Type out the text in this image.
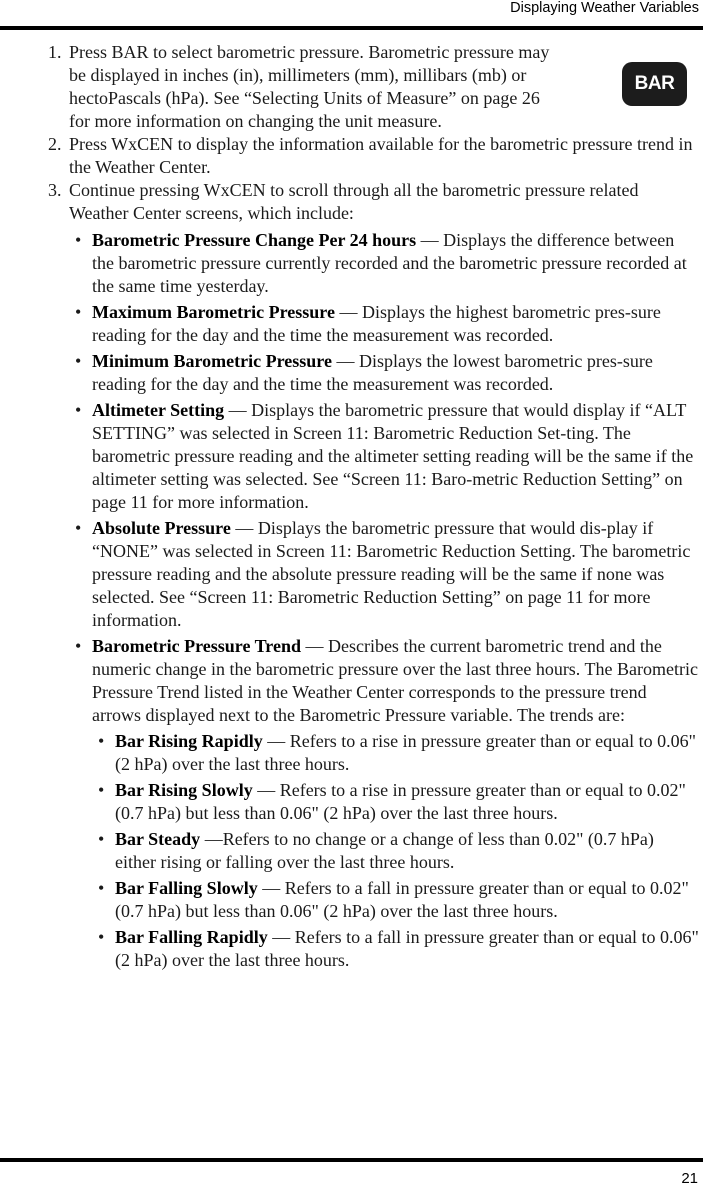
Displaying Weather Variables
BAR
1. Press BAR to select barometric pressure. Barometric pressure may be displayed in inches (in), millimeters (mm), millibars (mb) or hectoPascals (hPa). See “Selecting Units of Measure” on page 26 for more information on changing the unit measure.
2. Press WxCEN to display the information available for the barometric pressure trend in the Weather Center.
3. Continue pressing WxCEN to scroll through all the barometric pressure related Weather Center screens, which include:
• Barometric Pressure Change Per 24 hours — Displays the difference between the barometric pressure currently recorded and the barometric pressure recorded at the same time yesterday.
• Maximum Barometric Pressure — Displays the highest barometric pres-sure reading for the day and the time the measurement was recorded.
• Minimum Barometric Pressure — Displays the lowest barometric pres-sure reading for the day and the time the measurement was recorded.
• Altimeter Setting — Displays the barometric pressure that would display if “ALT SETTING” was selected in Screen 11: Barometric Reduction Set-ting. The barometric pressure reading and the altimeter setting reading will be the same if the altimeter setting was selected. See “Screen 11: Baro-metric Reduction Setting” on page 11 for more information.
• Absolute Pressure — Displays the barometric pressure that would dis-play if “NONE” was selected in Screen 11: Barometric Reduction Setting. The barometric pressure reading and the absolute pressure reading will be the same if none was selected. See “Screen 11: Barometric Reduction Setting” on page 11 for more information.
• Barometric Pressure Trend — Describes the current barometric trend and the numeric change in the barometric pressure over the last three hours. The Barometric Pressure Trend listed in the Weather Center corresponds to the pressure trend arrows displayed next to the Barometric Pressure variable. The trends are:
• Bar Rising Rapidly — Refers to a rise in pressure greater than or equal to 0.06" (2 hPa) over the last three hours.
• Bar Rising Slowly — Refers to a rise in pressure greater than or equal to 0.02" (0.7 hPa) but less than 0.06" (2 hPa) over the last three hours.
• Bar Steady —Refers to no change or a change of less than 0.02" (0.7 hPa) either rising or falling over the last three hours.
• Bar Falling Slowly — Refers to a fall in pressure greater than or equal to 0.02" (0.7 hPa) but less than 0.06" (2 hPa) over the last three hours.
• Bar Falling Rapidly — Refers to a fall in pressure greater than or equal to 0.06" (2 hPa) over the last three hours.
21
